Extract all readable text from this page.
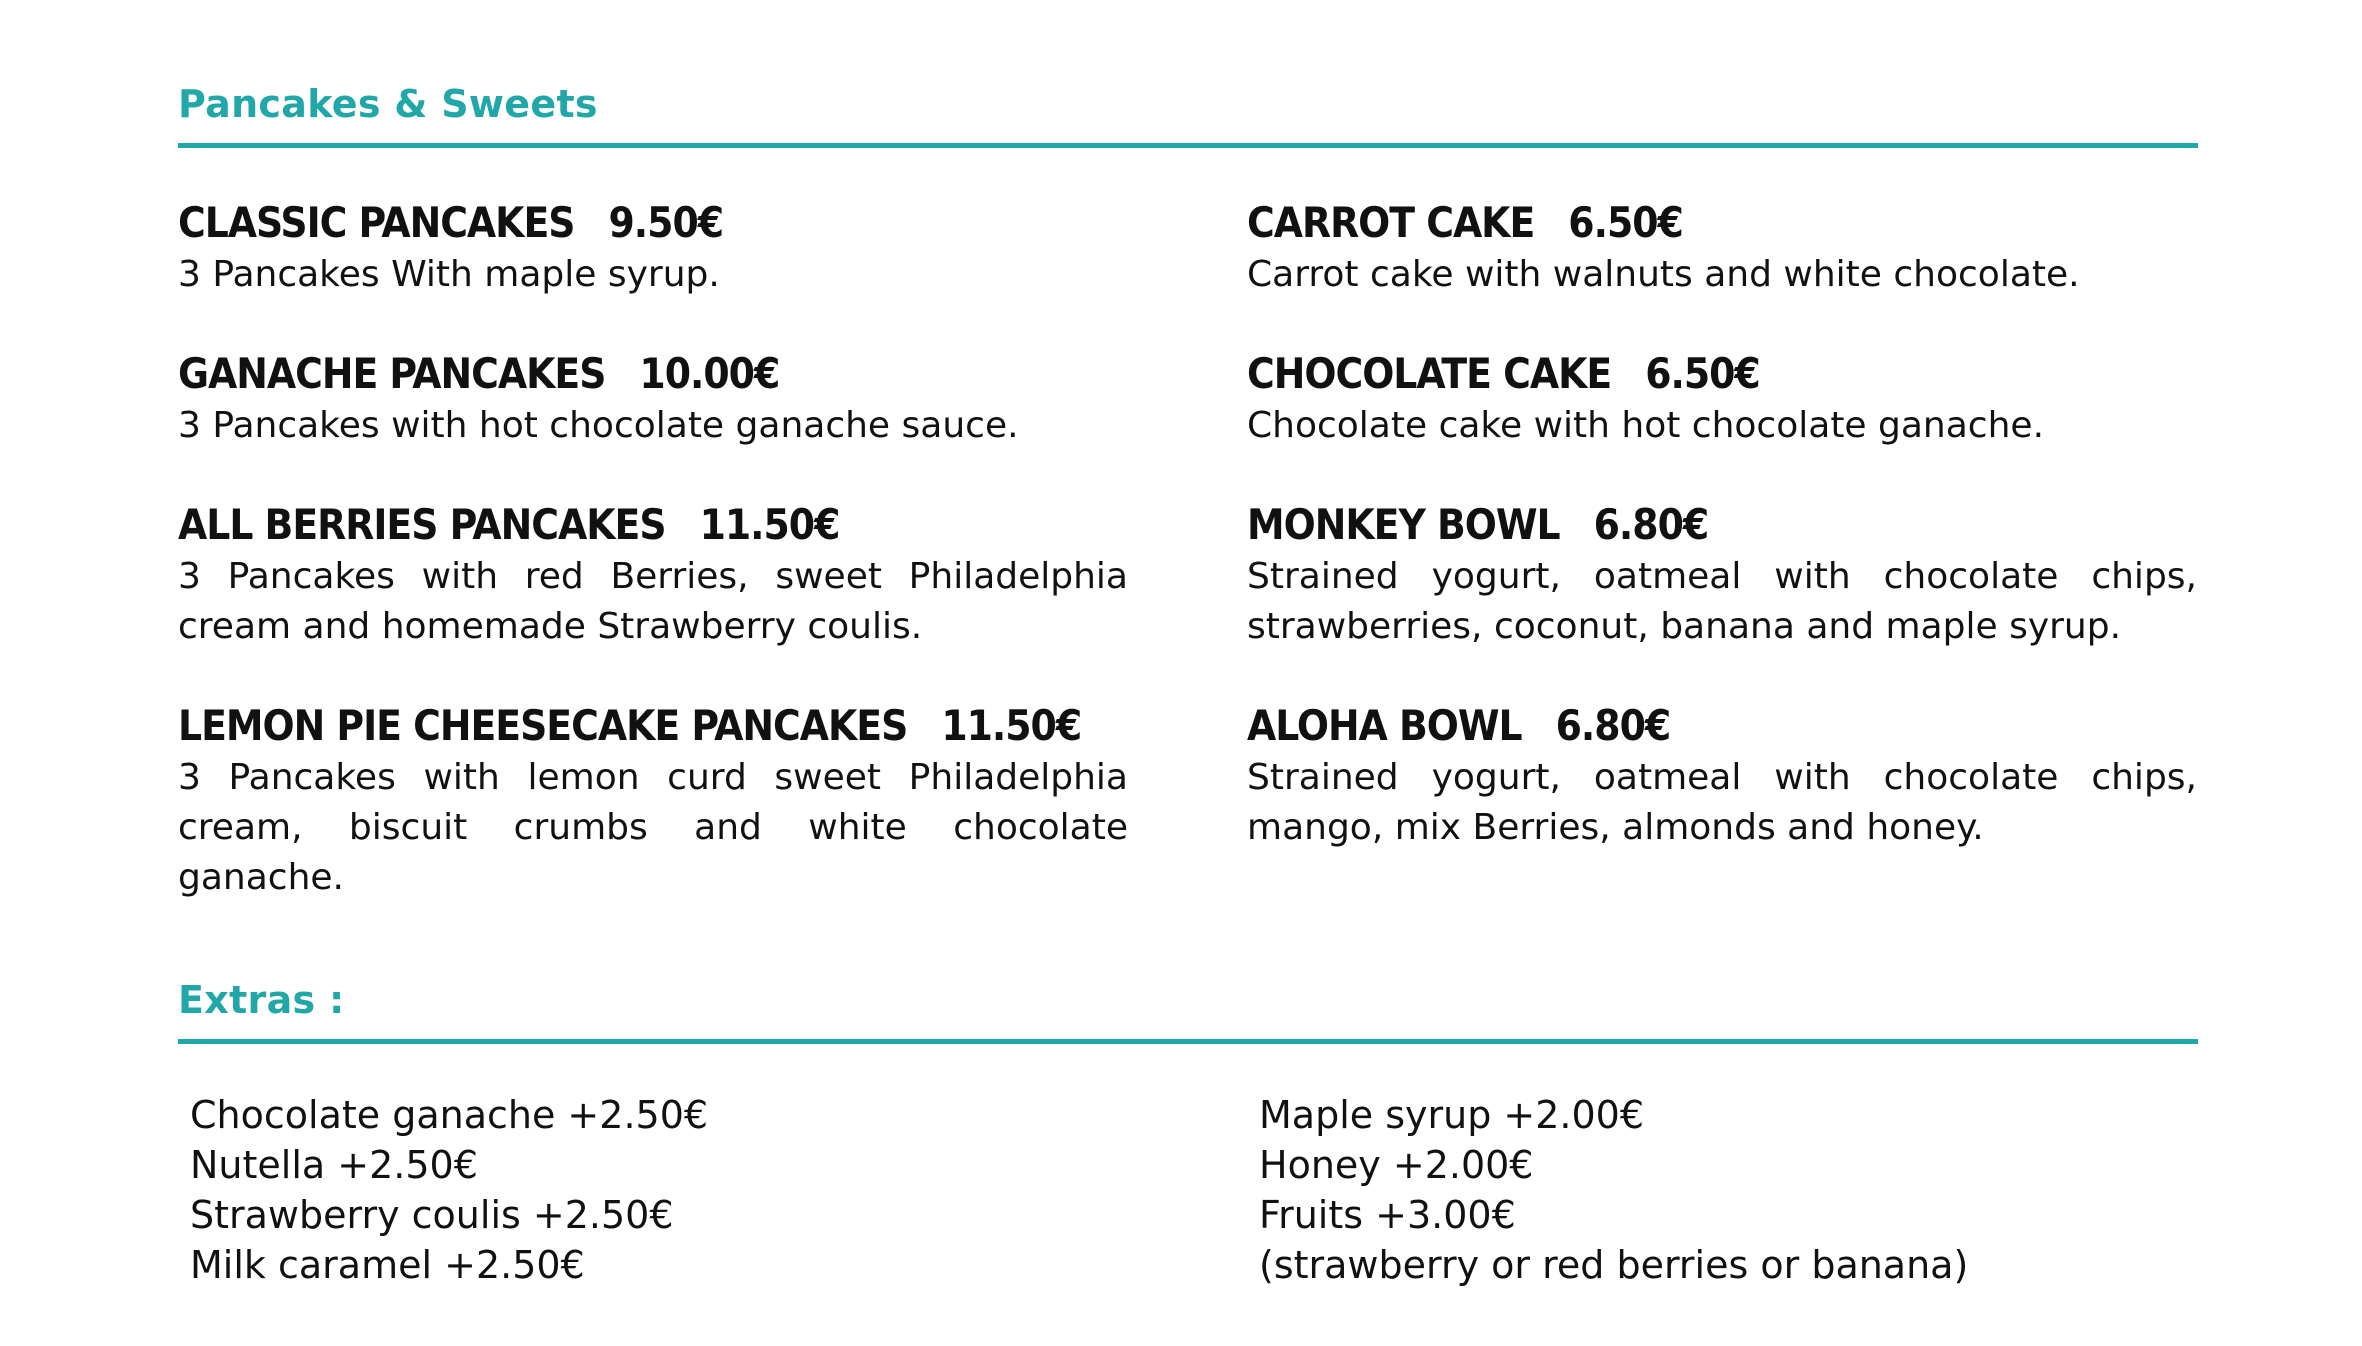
Pancakes & Sweets
CLASSIC PANCAKES 9.50€
3 Pancakes With maple syrup.
GANACHE PANCAKES 10.00€
3 Pancakes with hot chocolate ganache sauce.
ALL BERRIES PANCAKES 11.50€
3 Pancakes with red Berries, sweet Philadelphia cream and homemade Strawberry coulis.
LEMON PIE CHEESECAKE PANCAKES 11.50€
3 Pancakes with lemon curd sweet Philadelphia cream, biscuit crumbs and white chocolate ganache.
CARROT CAKE 6.50€
Carrot cake with walnuts and white chocolate.
CHOCOLATE CAKE 6.50€
Chocolate cake with hot chocolate ganache.
MONKEY BOWL 6.80€
Strained yogurt, oatmeal with chocolate chips, strawberries, coconut, banana and maple syrup.
ALOHA BOWL 6.80€
Strained yogurt, oatmeal with chocolate chips, mango, mix Berries, almonds and honey.
Extras :
Chocolate ganache +2.50€
Nutella +2.50€
Strawberry coulis +2.50€
Milk caramel +2.50€
Maple syrup +2.00€
Honey +2.00€
Fruits +3.00€
(strawberry or red berries or banana)
